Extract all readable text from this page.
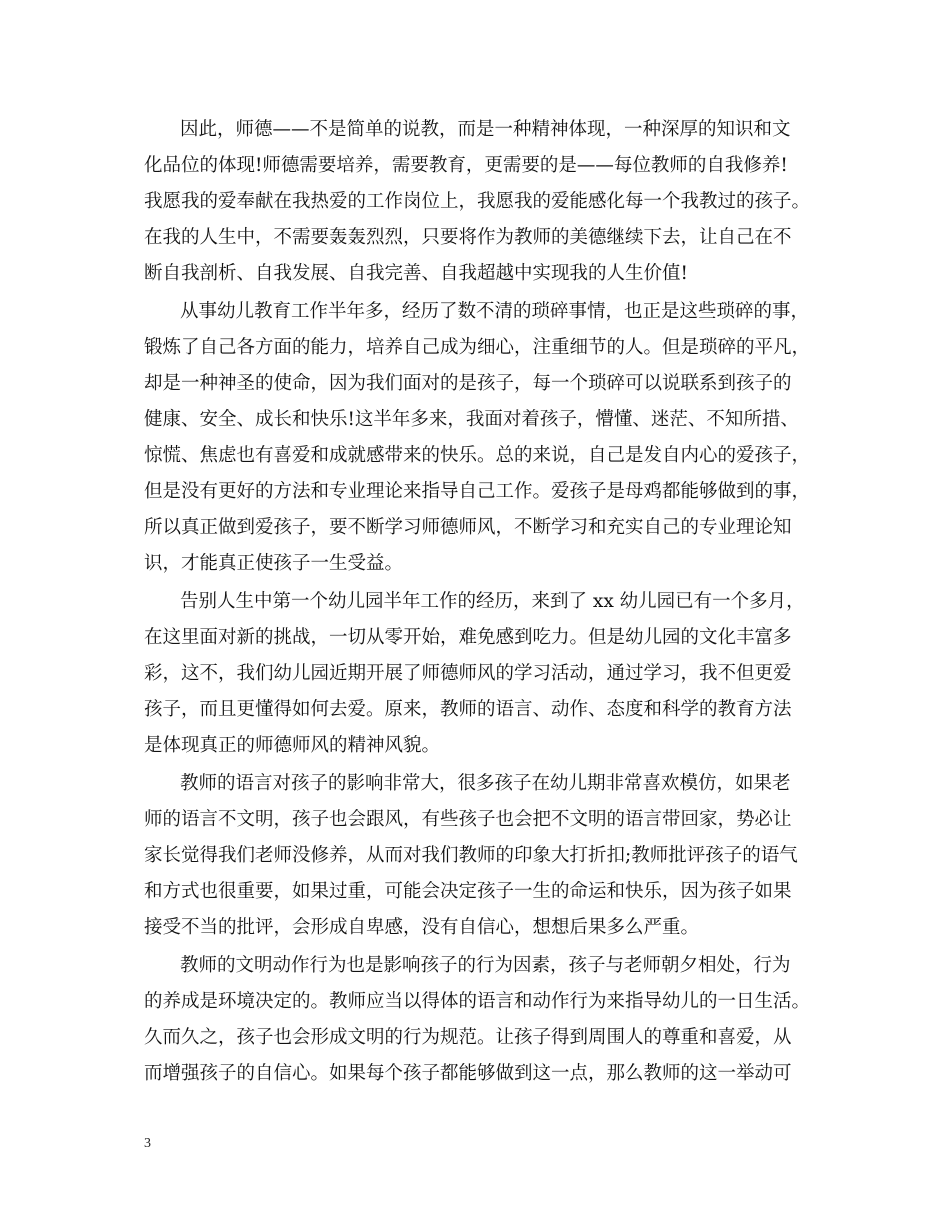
因此，师德——不是简单的说教，而是一种精神体现，一种深厚的知识和文
化品位的体现!师德需要培养，需要教育，更需要的是——每位教师的自我修养!
我愿我的爱奉献在我热爱的工作岗位上，我愿我的爱能感化每一个我教过的孩子。
在我的人生中，不需要轰轰烈烈，只要将作为教师的美德继续下去，让自己在不
断自我剖析、自我发展、自我完善、自我超越中实现我的人生价值!
从事幼儿教育工作半年多，经历了数不清的琐碎事情，也正是这些琐碎的事，
锻炼了自己各方面的能力，培养自己成为细心，注重细节的人。但是琐碎的平凡，
却是一种神圣的使命，因为我们面对的是孩子，每一个琐碎可以说联系到孩子的
健康、安全、成长和快乐!这半年多来，我面对着孩子，懵懂、迷茫、不知所措、
惊慌、焦虑也有喜爱和成就感带来的快乐。总的来说，自己是发自内心的爱孩子，
但是没有更好的方法和专业理论来指导自己工作。爱孩子是母鸡都能够做到的事，
所以真正做到爱孩子，要不断学习师德师风，不断学习和充实自己的专业理论知
识，才能真正使孩子一生受益。
告别人生中第一个幼儿园半年工作的经历，来到了 xx 幼儿园已有一个多月，
在这里面对新的挑战，一切从零开始，难免感到吃力。但是幼儿园的文化丰富多
彩，这不，我们幼儿园近期开展了师德师风的学习活动，通过学习，我不但更爱
孩子，而且更懂得如何去爱。原来，教师的语言、动作、态度和科学的教育方法
是体现真正的师德师风的精神风貌。
教师的语言对孩子的影响非常大，很多孩子在幼儿期非常喜欢模仿，如果老
师的语言不文明，孩子也会跟风，有些孩子也会把不文明的语言带回家，势必让
家长觉得我们老师没修养，从而对我们教师的印象大打折扣;教师批评孩子的语气
和方式也很重要，如果过重，可能会决定孩子一生的命运和快乐，因为孩子如果
接受不当的批评，会形成自卑感，没有自信心，想想后果多么严重。
教师的文明动作行为也是影响孩子的行为因素，孩子与老师朝夕相处，行为
的养成是环境决定的。教师应当以得体的语言和动作行为来指导幼儿的一日生活。
久而久之，孩子也会形成文明的行为规范。让孩子得到周围人的尊重和喜爱，从
而增强孩子的自信心。如果每个孩子都能够做到这一点，那么教师的这一举动可
3
